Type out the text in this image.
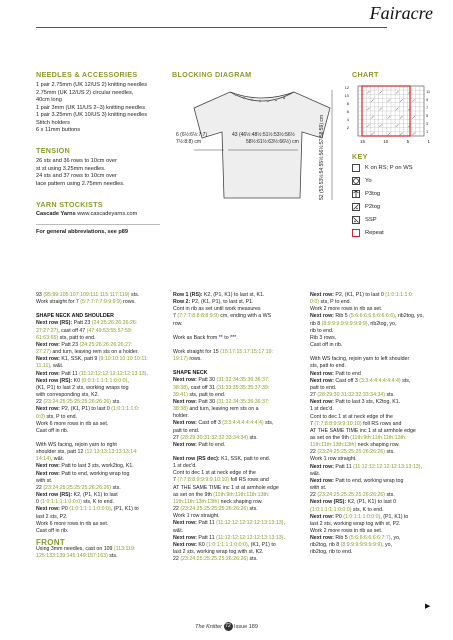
Fairacre
NEEDLES & ACCESSORIES
1 pair 2.75mm (UK 12/US 2) knitting needles
2.75mm (UK 12/US 2) circular needles,
40cm long
1 pair 3mm (UK 11/US 2–3) knitting needles
1 pair 3.25mm (UK 10/US 3) knitting needles
Stitch holders
6 x 11mm buttons
TENSION
26 sts and 36 rows to 10cm over
st st using 3.25mm needles.
24 sts and 37 rows to 10cm over
lace pattern using 2.75mm needles.
YARN STOCKISTS
Cascade Yarns www.cascadeyarns.com
For general abbreviations, see p89
BLOCKING DIAGRAM
6 (6½:6½:7:7)
7½:8:8) cm
43 (46½:48½:51½:53½:56½
58½:61½:63½:66½) cm	52 (53:53½:54:55½:56½:57:58:59) cm
CHART
12
10
8
6
4
2
11
9
7
5
3
1
15	10	5	1
KEY
K on RS; P on WS
Yo
P3tog
P2tog
SSP
Repeat
93 (95:99:105:107:109:111:115:117:119) sts.
Work straight for 7 (5:7:7:7:7:9:9:9:9) rows.

SHAPE NECK AND SHOULDER
Next row (RS): Patt 23 (24:25:26:26:26:26:
27:27:27), cast off 47 (47:49:53:55:57:59:
61:63:65) sts, patt to end.
Next row: Patt 23 (24:25:26:26:26:26:27:
27:27) and turn, leaving rem sts on a holder.
Next row: K1, SSK, patt 9 (9:10:10:10:10:10:11:
11:11), w&t.
Next row: Patt 11 (11:12:12:12:12:12:12:13:13).
Next row (RS): K0 (0:0:1:1:1:1:1:0:0:0),
(K1, P1) to last 2 sts, working wraps tog
with corresponding sts, K2.
22 (23:24:25:25:25:25:26:26:26) sts.
Next row: P2, (K1, P1) to last 0 (1:0:1:1:1:0:
0:0) sts, P to end.
Work 6 more rows in rib as set.
Cast off in rib.

With WS facing, rejoin yarn to right
shoulder sts, patt 12 (12:13:13:13:13:13:14:
14:14), w&t.
Next row: Patt to last 3 sts, work2tog, K1.
Next row: Patt to end, working wrap tog
with st.
22 (23:24:25:25:25:25:26:26:26) sts.
Next row (RS): K2, (P1, K1) to last
0 (1:0:1:1:1:1:0:0:0) sts, K to end.
Next row: P0 (1:0:1:1:1:1:0:0:0), (P1, K1) to
last 2 sts, P2.
Work 6 more rows in rib as set.
Cast off in rib.
FRONT
Using 3mm needles, cast on 109 (113:119:
125:133:139:145:149:157:163) sts.
Row 1 (RS): K2, (P1, K1) to last st, K1.
Row 2: P2, (K1, P1), to last st, P1.
Cont in rib as set until work measures
7 (7:7:7:8:8:8:8:9:9) cm, ending with a WS
row.

Work as Back from ** to ***.

Work straight for 15 (15:17:15:17:15:17:19:
19:17) rows.

SHAPE NECK
Next row: Patt 30 (31:32:34:35:36:36:37:
38:38), cast off 31 (31:33:35:35:35:37:39:
39:41) sts, patt to end.
Next row: Patt 30 (31:32:34:35:36:36:37:
38:38) and turn, leaving rem sts on a
holder.
Next row: Cast off 3 (3:3:4:4:4:4:4:4:4) sts,
patt to end.
27 (28:29:30:31:32:32:33:34:34) sts.
Next row: Patt to end.

Next row (RS dec): K1, SSK, patt to end.
1 st dec'd.
Cont to dec 1 st at neck edge of the
7 (7:7:8:8:9:9:9:9:10:10) foll RS rows and
AT THE SAME TIME inc 1 st at armhole edge
as set on the 9th (11th:9th:11th:11th:13th:
11th:11th:13th:13th) neck shaping row.
22 (23:24:25:25:25:25:26:26:26) sts.
Work 1 row straight.
Next row: Patt 11 (11:12:12:12:12:12:13:13:13),
w&t.
Next row: Patt 11 (11:12:12:12:12:12:13:13:13).
Next row: K0 (1:0:1:1:1:1:0:0:0), (K1, P1) to
last 2 sts, working wrap tog with st, K2.
22 (23:24:25:25:25:25:26:26:26) sts.
Next row: P2, (K1, P1) to last 0 (1:0:1:1:1:0:
0:0) sts, P to end.
Work 2 more rows in rib as set.
Next row: Rib 5 (5:6:6:6:6:6:6:6:6:6), rib2tog, yo,
rib 8 (8:9:9:9:9:9:9:9:9:9), rib2tog, yo,
rib to end.
Rib 3 rows.
Cast off in rib.

With WS facing, rejoin yarn to left shoulder
sts, patt to end.
Next row: Patt to end
Next row: Cast off 3 (3:3:4:4:4:4:4:4:4) sts,
patt to end.
27 (28:29:30:31:32:32:33:34:34) sts.
Next row: Patt to last 3 sts, K2tog, K1.
1 st dec'd.
Cont to dec 1 st at neck edge of the
7 (7:7:8:8:9:9:9:10:10) foll RS rows and
AT THE SAME TIME inc 1 st at armhole edge
as set on the 9th (11th:9th:11th:11th:13th:
11th:11th:13th:13th) neck shaping row.
22 (23:24:25:25:25:25:26:26:26) sts.
Work 1 row straight.
Next row: Patt 11 (11:12:12:12:12:12:13:13:13),
w&t.
Next row: Patt to end, working wrap tog
with st.
22 (23:24:25:25:25:25:26:26:26) sts.
Next row (RS): K2, (P1, K1) to last 0
(1:0:1:1:1:1:0:0:0) sts, K to end.
Next row: P0 (1:0:1:1:1:0:0:0), (P1, K1) to
last 2 sts, working wrap tog with st, P2.
Work 2 more rows in rib as set.
Next row: Rib 5 (5:6:6:6:6:6:6:7:7), yo,
rib2tog, rib 8 (8:9:9:9:9:9:9:9:9), yo,
rib2tog, rib to end.
▶
The Knitter 72 Issue 189
